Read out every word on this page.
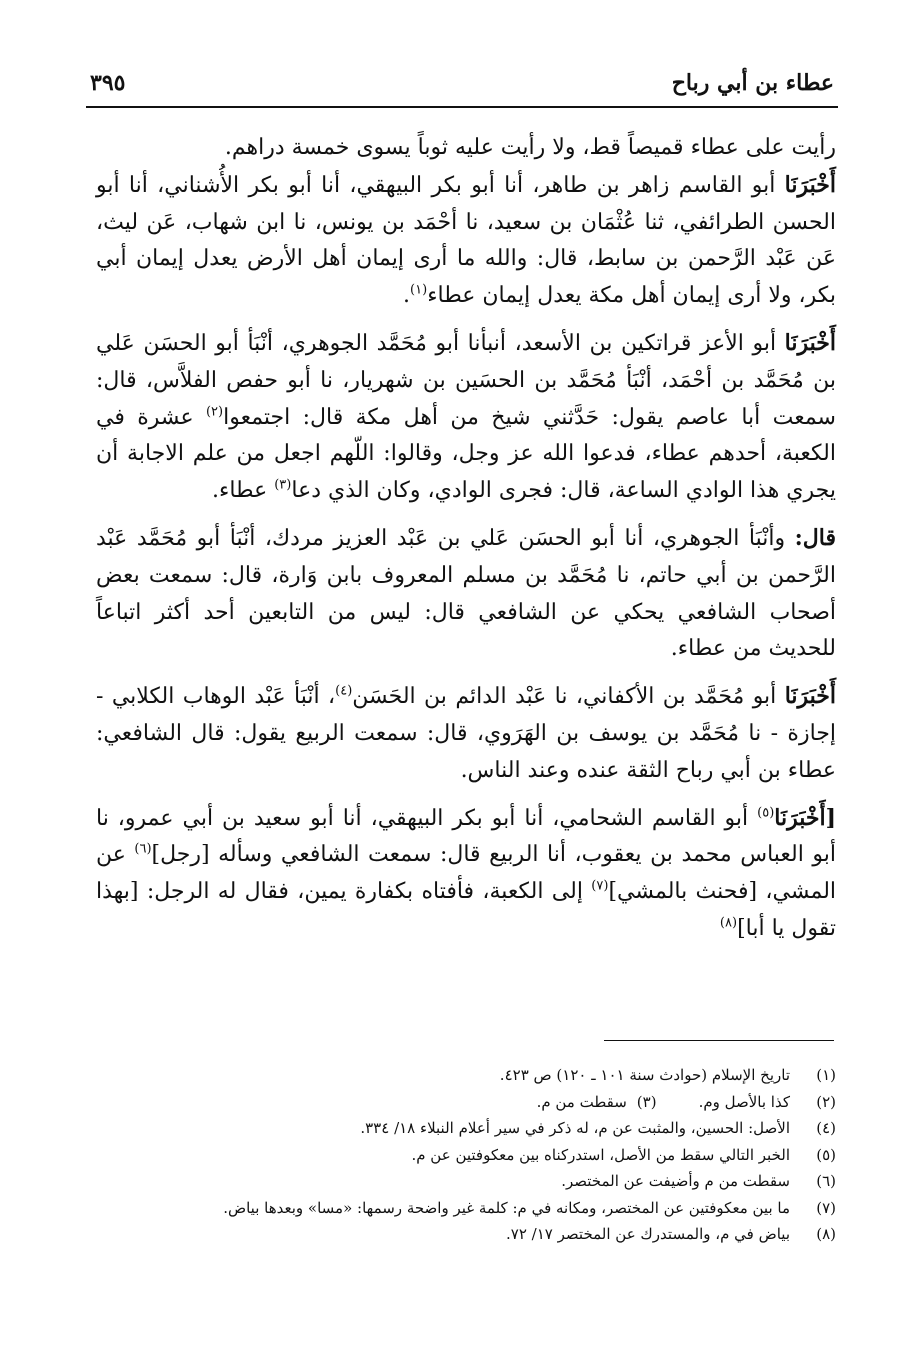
عطاء بن أبي رباح
٣٩٥

رأيت على عطاء قميصاً قط، ولا رأيت عليه ثوباً يسوى خمسة دراهم.

أَخْبَرَنَا أبو القاسم زاهر بن طاهر، أنا أبو بكر البيهقي، أنا أبو بكر الأُشناني، أنا أبو الحسن الطرائفي، ثنا عُثْمَان بن سعيد، نا أحْمَد بن يونس، نا ابن شهاب، عَن ليث، عَن عَبْد الرَّحمن بن سابط، قال: والله ما أرى إيمان أهل الأرض يعدل إيمان أبي بكر، ولا أرى إيمان أهل مكة يعدل إيمان عطاء$^{(١)}$.

أَخْبَرَنَا أبو الأعز قراتكين بن الأسعد، أنبأنا أبو مُحَمَّد الجوهري، أنْبَأ أبو الحسَن عَلي بن مُحَمَّد بن أحْمَد، أنْبَأ مُحَمَّد بن الحسَين بن شهريار، نا أبو حفص الفلاَّس، قال: سمعت أبا عاصم يقول: حَدَّثني شيخ من أهل مكة قال: اجتمعوا$^{(٢)}$ عشرة في الكعبة، أحدهم عطاء، فدعوا الله عز وجل، وقالوا: اللّهم اجعل من علم الاجابة أن يجري هذا الوادي الساعة، قال: فجرى الوادي، وكان الذي دعا$^{(٣)}$ عطاء.

قال: وأنْبَأ الجوهري، أنا أبو الحسَن عَلي بن عَبْد العزيز مردك، أنْبَأ أبو مُحَمَّد عَبْد الرَّحمن بن أبي حاتم، نا مُحَمَّد بن مسلم المعروف بابن وَارة، قال: سمعت بعض أصحاب الشافعي يحكي عن الشافعي قال: ليس من التابعين أحد أكثر اتباعاً للحديث من عطاء.

أَخْبَرَنَا أبو مُحَمَّد بن الأكفاني، نا عَبْد الدائم بن الحَسَن$^{(٤)}$، أنْبَأ عَبْد الوهاب الكلابي - إجازة - نا مُحَمَّد بن يوسف بن الهَرَوي، قال: سمعت الربيع يقول: قال الشافعي: عطاء بن أبي رباح الثقة عنده وعند الناس.

[أَخْبَرَنَا$^{(٥)}$ أبو القاسم الشحامي، أنا أبو بكر البيهقي، أنا أبو سعيد بن أبي عمرو، نا أبو العباس محمد بن يعقوب، أنا الربيع قال: سمعت الشافعي وسأله [رجل]$^{(٦)}$ عن المشي، [فحنث بالمشي]$^{(٧)}$ إلى الكعبة، فأفتاه بكفارة يمين، فقال له الرجل: [بهذا تقول يا أبا]$^{(٨)}$

(١)
تاريخ الإسلام (حوادث سنة ١٠١ ـ ١٢٠) ص ٤٢٣.
(٢)
كذا بالأصل وم.
(٣)
سقطت من م.
(٤)
الأصل: الحسين، والمثبت عن م، له ذكر في سير أعلام النبلاء ١٨/ ٣٣٤.
(٥)
الخبر التالي سقط من الأصل، استدركناه بين معكوفتين عن م.
(٦)
سقطت من م وأضيفت عن المختصر.
(٧)
ما بين معكوفتين عن المختصر، ومكانه في م: كلمة غير واضحة رسمها: «مسا» وبعدها بياض.
(٨)
بياض في م، والمستدرك عن المختصر ١٧/ ٧٢.
